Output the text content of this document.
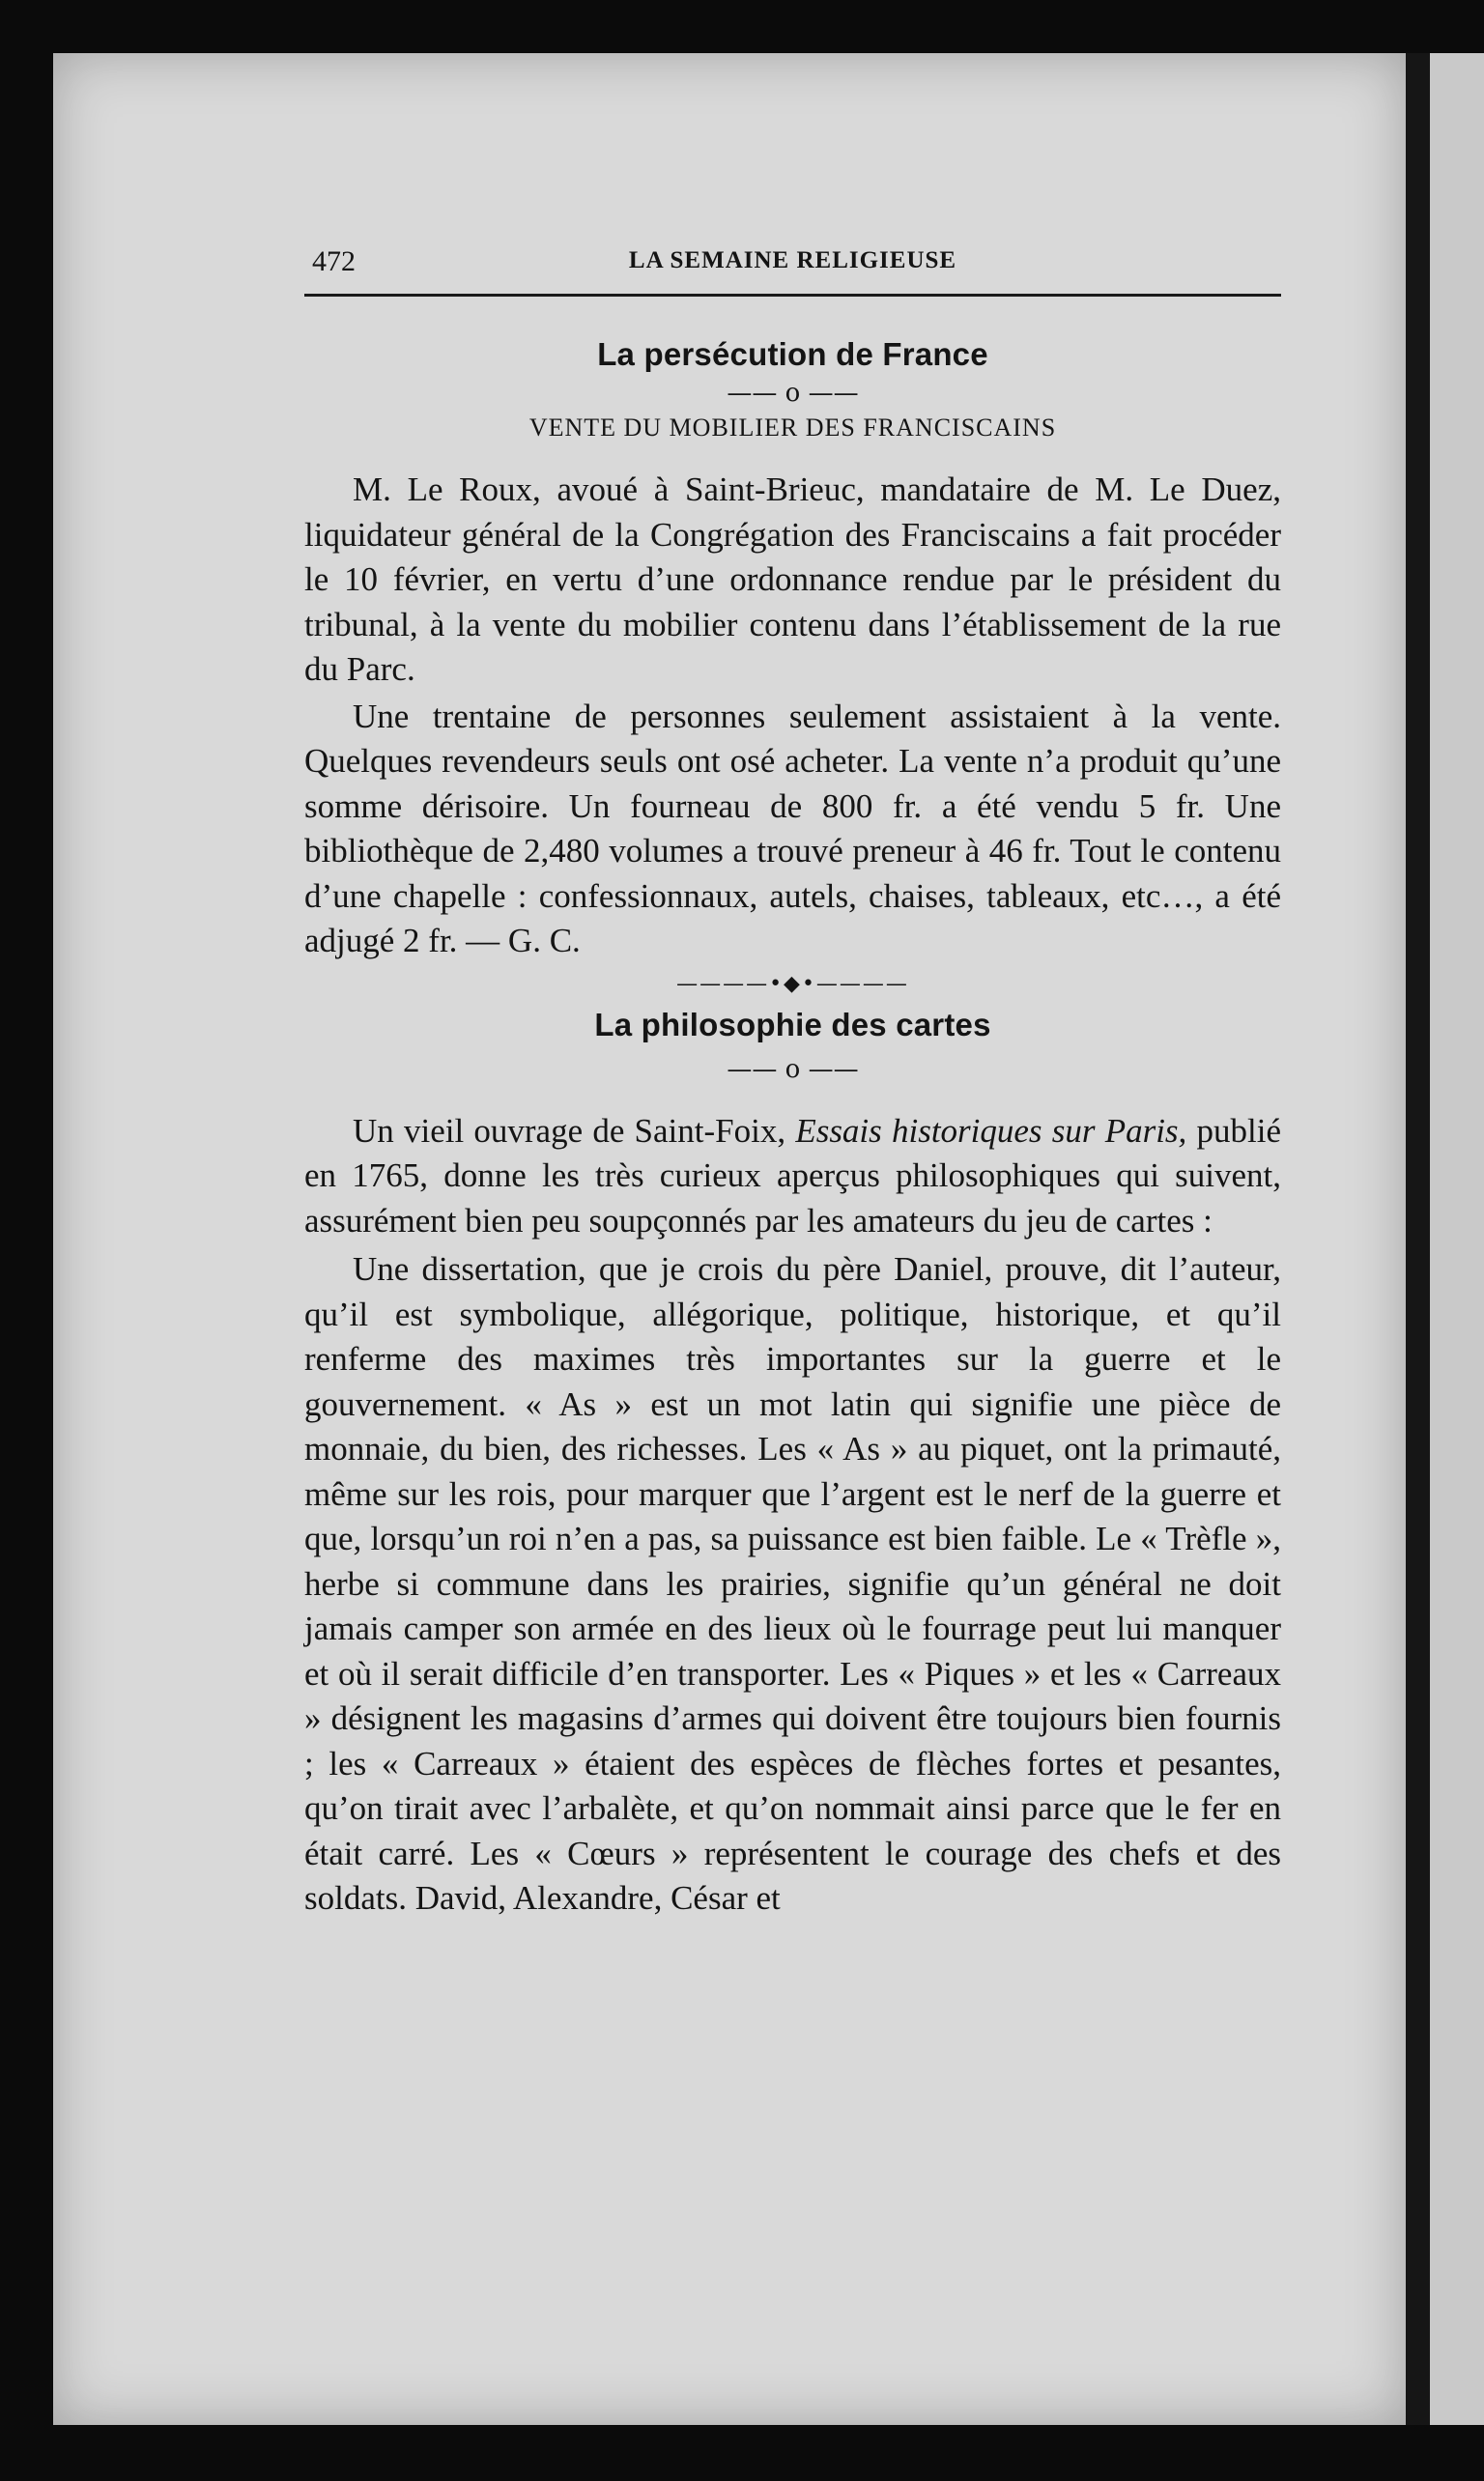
472	LA SEMAINE RELIGIEUSE
La persécution de France
—— o ——
VENTE DU MOBILIER DES FRANCISCAINS

M. Le Roux, avoué à Saint-Brieuc, mandataire de M. Le Duez, liquidateur général de la Congrégation des Franciscains a fait procéder le 10 février, en vertu d’une ordonnance rendue par le président du tribunal, à la vente du mobilier contenu dans l’établissement de la rue du Parc.

Une trentaine de personnes seulement assistaient à la vente. Quelques revendeurs seuls ont osé acheter. La vente n’a produit qu’une somme dérisoire. Un fourneau de 800 fr. a été vendu 5 fr. Une bibliothèque de 2,480 volumes a trouvé preneur à 46 fr. Tout le contenu d’une chapelle : confessionnaux, autels, chaises, tableaux, etc…, a été adjugé 2 fr. — G. C.

————•◆•————
La philosophie des cartes
—— o ——

Un vieil ouvrage de Saint-Foix, Essais historiques sur Paris, publié en 1765, donne les très curieux aperçus philosophiques qui suivent, assurément bien peu soupçonnés par les amateurs du jeu de cartes :

Une dissertation, que je crois du père Daniel, prouve, dit l’auteur, qu’il est symbolique, allégorique, politique, historique, et qu’il renferme des maximes très importantes sur la guerre et le gouvernement. « As » est un mot latin qui signifie une pièce de monnaie, du bien, des richesses. Les « As » au piquet, ont la primauté, même sur les rois, pour marquer que l’argent est le nerf de la guerre et que, lorsqu’un roi n’en a pas, sa puissance est bien faible. Le « Trèfle », herbe si commune dans les prairies, signifie qu’un général ne doit jamais camper son armée en des lieux où le fourrage peut lui manquer et où il serait difficile d’en transporter. Les « Piques » et les « Carreaux » désignent les magasins d’armes qui doivent être toujours bien fournis ; les « Carreaux » étaient des espèces de flèches fortes et pesantes, qu’on tirait avec l’arbalète, et qu’on nommait ainsi parce que le fer en était carré. Les « Cœurs » représentent le courage des chefs et des soldats. David, Alexandre, César et
